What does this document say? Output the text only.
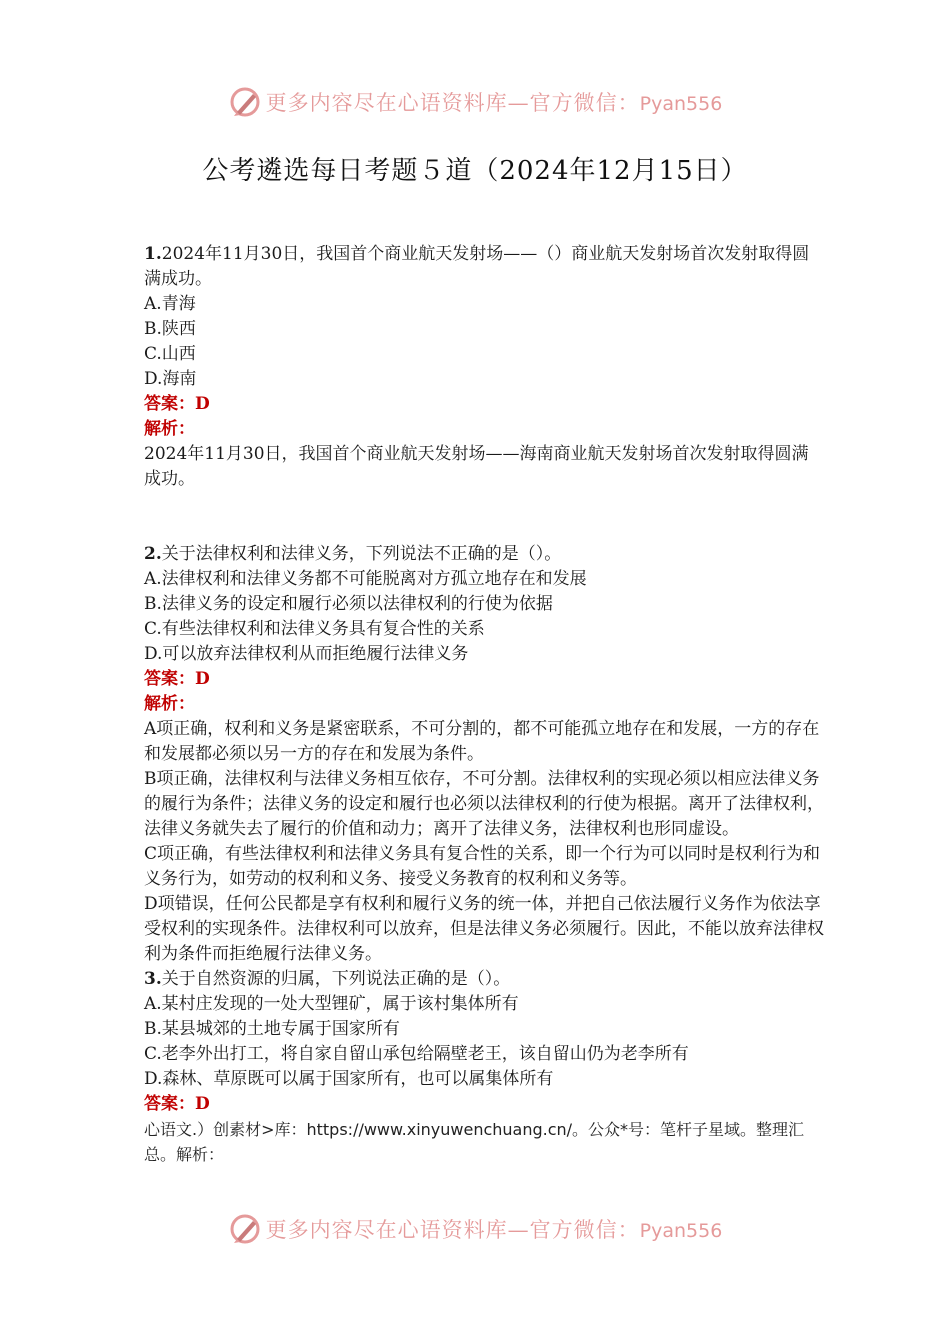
更多内容尽在心语资料库—官方微信：Pyan556
公考遴选每日考题５道（2024年12月15日）

1.2024年11月30日，我国首个商业航天发射场——（）商业航天发射场首次发射取得圆满成功。

A.青海

B.陕西

C.山西

D.海南

答案：D

解析：

2024年11月30日，我国首个商业航天发射场——海南商业航天发射场首次发射取得圆满成功。

2.关于法律权利和法律义务，下列说法不正确的是（）。

A.法律权利和法律义务都不可能脱离对方孤立地存在和发展

B.法律义务的设定和履行必须以法律权利的行使为依据

C.有些法律权利和法律义务具有复合性的关系

D.可以放弃法律权利从而拒绝履行法律义务

答案：D

解析：

A项正确，权利和义务是紧密联系，不可分割的，都不可能孤立地存在和发展，一方的存在和发展都必须以另一方的存在和发展为条件。

B项正确，法律权利与法律义务相互依存，不可分割。法律权利的实现必须以相应法律义务的履行为条件；法律义务的设定和履行也必须以法律权利的行使为根据。离开了法律权利，法律义务就失去了履行的价值和动力；离开了法律义务，法律权利也形同虚设。

C项正确，有些法律权利和法律义务具有复合性的关系，即一个行为可以同时是权利行为和义务行为，如劳动的权利和义务、接受义务教育的权利和义务等。

D项错误，任何公民都是享有权利和履行义务的统一体，并把自己依法履行义务作为依法享受权利的实现条件。法律权利可以放弃，但是法律义务必须履行。因此，不能以放弃法律权利为条件而拒绝履行法律义务。

3.关于自然资源的归属，下列说法正确的是（）。

A.某村庄发现的一处大型锂矿，属于该村集体所有

B.某县城郊的土地专属于国家所有

C.老李外出打工，将自家自留山承包给隔壁老王，该自留山仍为老李所有

D.森林、草原既可以属于国家所有，也可以属集体所有

答案：D

心语文.）创素材>库：https://www.xinyuwenchuang.cn/。公众*号：笔杆子星域。整理汇总。解析：

更多内容尽在心语资料库—官方微信：Pyan556
